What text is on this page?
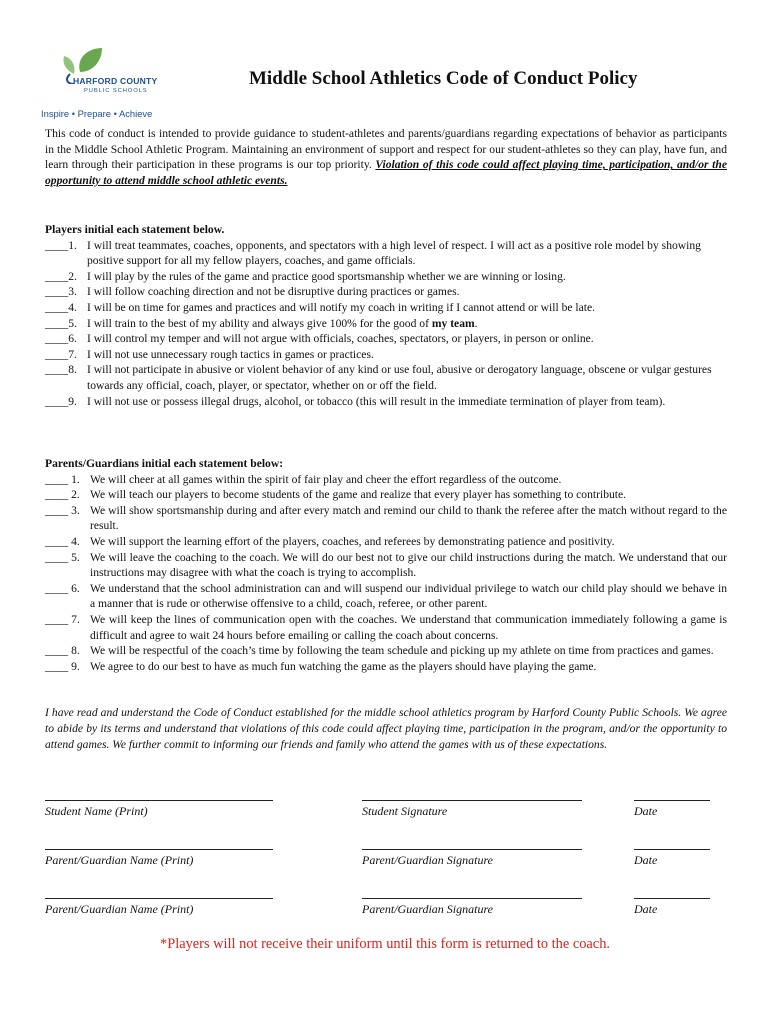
HARFORD COUNTY
PUBLIC SCHOOLS
Inspire • Prepare • Achieve
Middle School Athletics Code of Conduct Policy
This code of conduct is intended to provide guidance to student-athletes and parents/guardians regarding expectations of behavior as participants in the Middle School Athletic Program. Maintaining an environment of support and respect for our student-athletes so they can play, have fun, and learn through their participation in these programs is our top priority. Violation of this code could affect playing time, participation, and/or the opportunity to attend middle school athletic events.
Players initial each statement below.
____1. I will treat teammates, coaches, opponents, and spectators with a high level of respect. I will act as a positive role model by showing positive support for all my fellow players, coaches, and game officials.
____2. I will play by the rules of the game and practice good sportsmanship whether we are winning or losing.
____3. I will follow coaching direction and not be disruptive during practices or games.
____4. I will be on time for games and practices and will notify my coach in writing if I cannot attend or will be late.
____5. I will train to the best of my ability and always give 100% for the good of my team.
____6. I will control my temper and will not argue with officials, coaches, spectators, or players, in person or online.
____7. I will not use unnecessary rough tactics in games or practices.
____8. I will not participate in abusive or violent behavior of any kind or use foul, abusive or derogatory language, obscene or vulgar gestures towards any official, coach, player, or spectator, whether on or off the field.
____9. I will not use or possess illegal drugs, alcohol, or tobacco (this will result in the immediate termination of player from team).
Parents/Guardians initial each statement below:
____ 1. We will cheer at all games within the spirit of fair play and cheer the effort regardless of the outcome.
____ 2. We will teach our players to become students of the game and realize that every player has something to contribute.
____ 3. We will show sportsmanship during and after every match and remind our child to thank the referee after the match without regard to the result.
____ 4. We will support the learning effort of the players, coaches, and referees by demonstrating patience and positivity.
____ 5. We will leave the coaching to the coach. We will do our best not to give our child instructions during the match. We understand that our instructions may disagree with what the coach is trying to accomplish.
____ 6. We understand that the school administration can and will suspend our individual privilege to watch our child play should we behave in a manner that is rude or otherwise offensive to a child, coach, referee, or other parent.
____ 7. We will keep the lines of communication open with the coaches. We understand that communication immediately following a game is difficult and agree to wait 24 hours before emailing or calling the coach about concerns.
____ 8. We will be respectful of the coach’s time by following the team schedule and picking up my athlete on time from practices and games.
____ 9. We agree to do our best to have as much fun watching the game as the players should have playing the game.
I have read and understand the Code of Conduct established for the middle school athletics program by Harford County Public Schools. We agree to abide by its terms and understand that violations of this code could affect playing time, participation in the program, and/or the opportunity to attend games. We further commit to informing our friends and family who attend the games with us of these expectations.
Student Name (Print)	Student Signature	Date
Parent/Guardian Name (Print)	Parent/Guardian Signature	Date
Parent/Guardian Name (Print)	Parent/Guardian Signature	Date
*Players will not receive their uniform until this form is returned to the coach.
